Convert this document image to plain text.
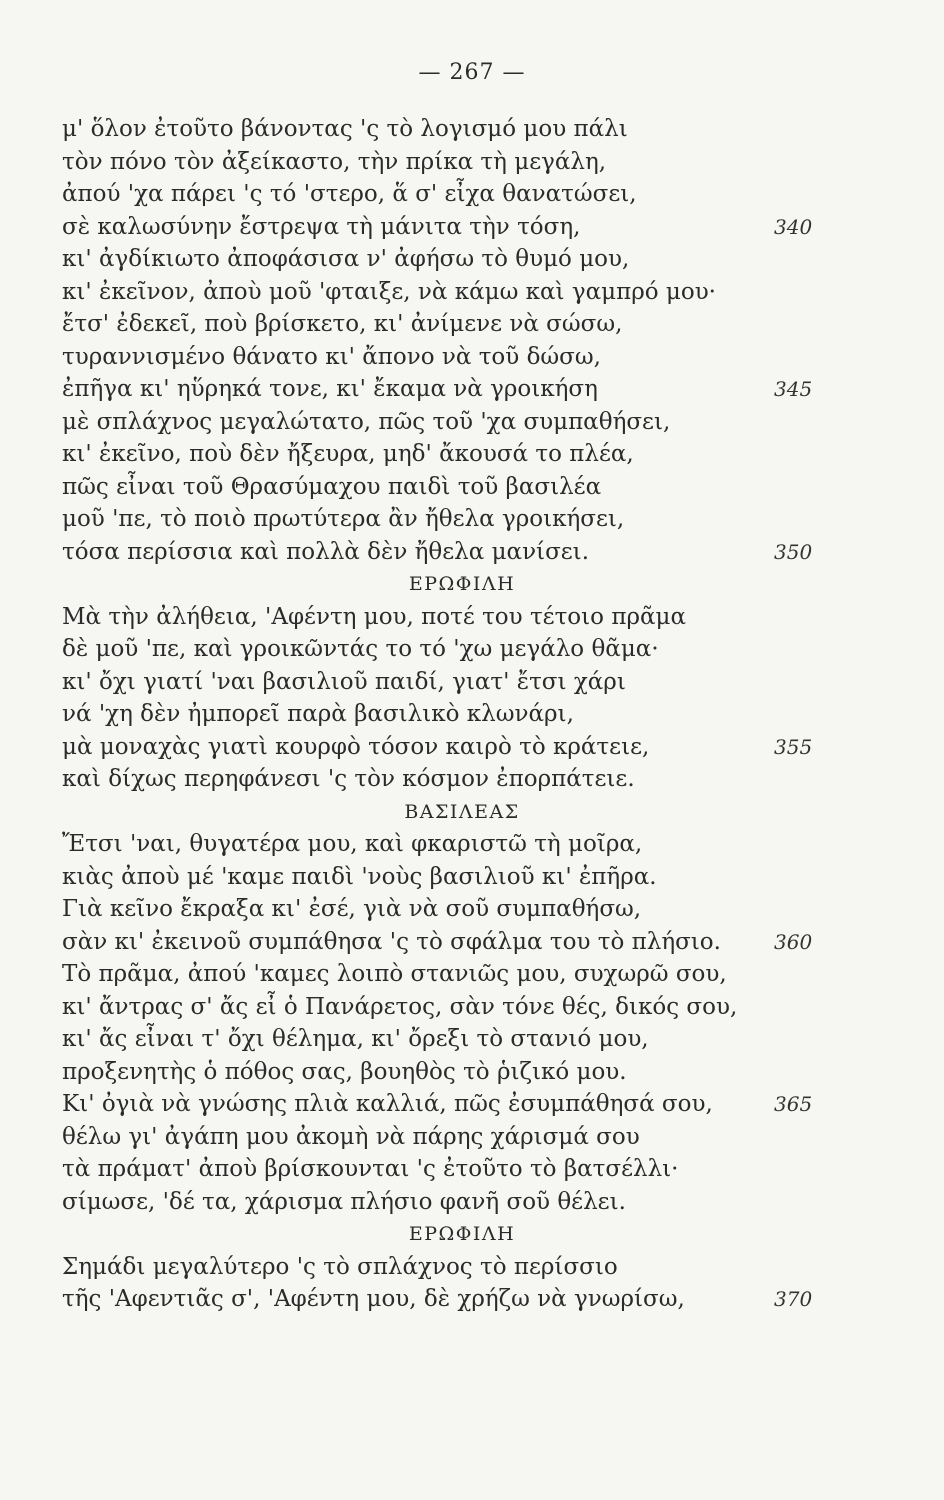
— 267 —
μ' ὅλον ἐτοῦτο βάνοντας 'ς τὸ λογισμό μου πάλι
τὸν πόνο τὸν ἀξείκαστο, τὴν πρίκα τὴ μεγάλη,
ἀπού 'χα πάρει 'ς τό 'στερο, ἅ σ' εἶχα θανατώσει,
σὲ καλωσύνην ἔστρεψα τὴ μάνιτα τὴν τόση,	340
κι' ἀγδίκιωτο ἀποφάσισα ν' ἀφήσω τὸ θυμό μου,
κι' ἐκεῖνον, ἀποὺ μοῦ 'φταιξε, νὰ κάμω καὶ γαμπρό μου·
ἔτσ' ἐδεκεῖ, ποὺ βρίσκετο, κι' ἀνίμενε νὰ σώσω,
τυραννισμένο θάνατο κι' ἄπονο νὰ τοῦ δώσω,
ἐπῆγα κι' ηὕρηκά τονε, κι' ἔκαμα νὰ γροικήση	345
μὲ σπλάχνος μεγαλώτατο, πῶς τοῦ 'χα συμπαθήσει,
κι' ἐκεῖνο, ποὺ δὲν ἤξευρα, μηδ' ἄκουσά το πλέα,
πῶς εἶναι τοῦ Θρασύμαχου παιδὶ τοῦ βασιλέα
μοῦ 'πε, τὸ ποιὸ πρωτύτερα ἂν ἤθελα γροικήσει,
τόσα περίσσια καὶ πολλὰ δὲν ἤθελα μανίσει.	350
ΕΡΩΦΙΛΗ
Μὰ τὴν ἀλήθεια, 'Αφέντη μου, ποτέ του τέτοιο πρᾶμα
δὲ μοῦ 'πε, καὶ γροικῶντάς το τό 'χω μεγάλο θᾶμα·
κι' ὄχι γιατί 'ναι βασιλιοῦ παιδί, γιατ' ἔτσι χάρι
νά 'χη δὲν ἠμπορεῖ παρὰ βασιλικὸ κλωνάρι,
μὰ μοναχὰς γιατὶ κουρφὸ τόσον καιρὸ τὸ κράτειε,	355
καὶ δίχως περηφάνεσι 'ς τὸν κόσμον ἐπορπάτειε.
ΒΑΣΙΛΕΑΣ
Ἔτσι 'ναι, θυγατέρα μου, καὶ φκαριστῶ τὴ μοῖρα,
κιὰς ἀποὺ μέ 'καμε παιδὶ 'νοὺς βασιλιοῦ κι' ἐπῆρα.
Γιὰ κεῖνο ἔκραξα κι' ἐσέ, γιὰ νὰ σοῦ συμπαθήσω,
σὰν κι' ἐκεινοῦ συμπάθησα 'ς τὸ σφάλμα του τὸ πλήσιο.	360
Τὸ πρᾶμα, ἀπού 'καμες λοιπὸ στανιῶς μου, συχωρῶ σου,
κι' ἄντρας σ' ἄς εἶ ὁ Πανάρετος, σὰν τόνε θές, δικός σου,
κι' ἄς εἶναι τ' ὄχι θέλημα, κι' ὄρεξι τὸ στανιό μου,
προξενητὴς ὁ πόθος σας, βουηθὸς τὸ ῥιζικό μου.
Κι' ὀγιὰ νὰ γνώσης πλιὰ καλλιά, πῶς ἐσυμπάθησά σου,	365
θέλω γι' ἀγάπη μου ἀκομὴ νὰ πάρης χάρισμά σου
τὰ πράματ' ἀποὺ βρίσκουνται 'ς ἐτοῦτο τὸ βατσέλλι·
σίμωσε, 'δέ τα, χάρισμα πλήσιο φανῆ σοῦ θέλει.
ΕΡΩΦΙΛΗ
Σημάδι μεγαλύτερο 'ς τὸ σπλάχνος τὸ περίσσιο
τῆς 'Αφεντιᾶς σ', 'Αφέντη μου, δὲ χρήζω νὰ γνωρίσω,	370
